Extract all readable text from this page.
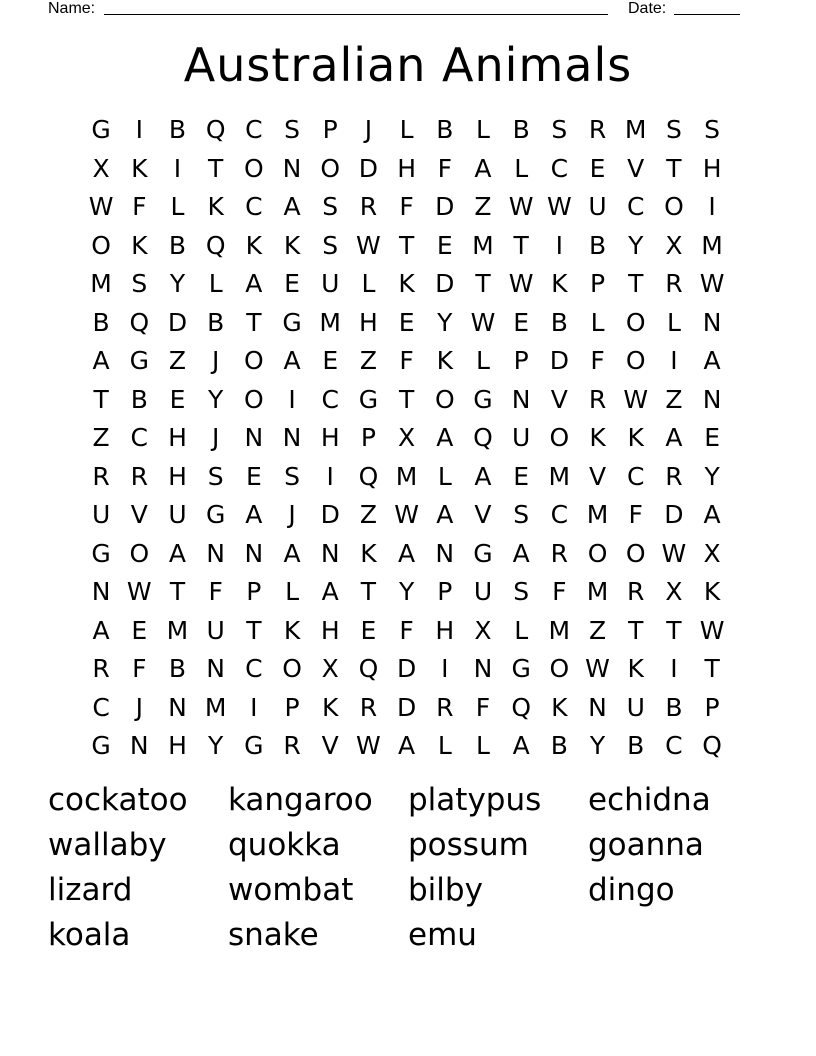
Name:	Date:
Australian Animals
G I	B Q C S P	J	L B L B S R M S S
X K	I	T O N O D H F A L C E V T H
W F L K C A S R F D Z W W U C O I
O K B Q K K S W T E M T	I	B Y X M
M S Y L A E U L K D T W K P T R W
B Q D B T G M H E Y W E B L O L N
A G Z	J O A E Z F K L P D F O I	A
T B E Y O I	C G T O G N V R W Z N
Z C H	J	N N H P X A Q U O K K A E
R R H S E S	I Q M L A E M V C R Y
U V U G A	J D Z W A V S C M F D A
G O A N N A N K A N G A R O O W X
N W T F P L A T Y P U S F M R X K
A E M U T K H E F H X L M Z T T W
R F B N C O X Q D I	N G O W K	I	T
C	J	N M I	P K R D R F Q K N U B P
G N H Y G R V W A L L A B Y B C Q
cockatoo	kangaroo	platypus	echidna
wallaby	quokka	possum	goanna
lizard	wombat	bilby	dingo
koala	snake	emu
